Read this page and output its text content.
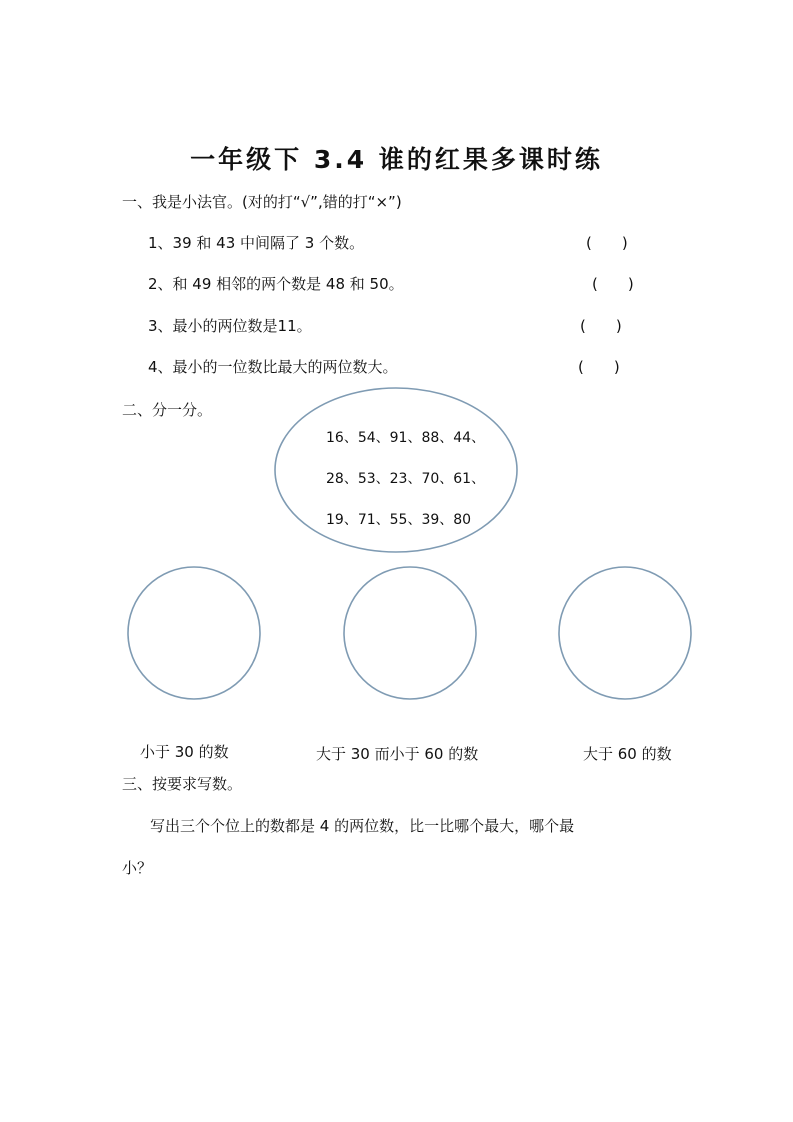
一年级下 3.4 谁的红果多课时练
一、我是小法官。(对的打“√”,错的打“×”)
1、39 和 43 中间隔了 3 个数。	(　　)
2、和 49 相邻的两个数是 48 和 50。	(　　)
3、最小的两位数是11。	(　　)
4、最小的一位数比最大的两位数大。	(　　)
二、分一分。
16、54、91、88、44、
28、53、23、70、61、
19、71、55、39、80
小于 30 的数	大于 30 而小于 60 的数	大于 60 的数
三、按要求写数。
写出三个个位上的数都是 4 的两位数，比一比哪个最大，哪个最
小？
